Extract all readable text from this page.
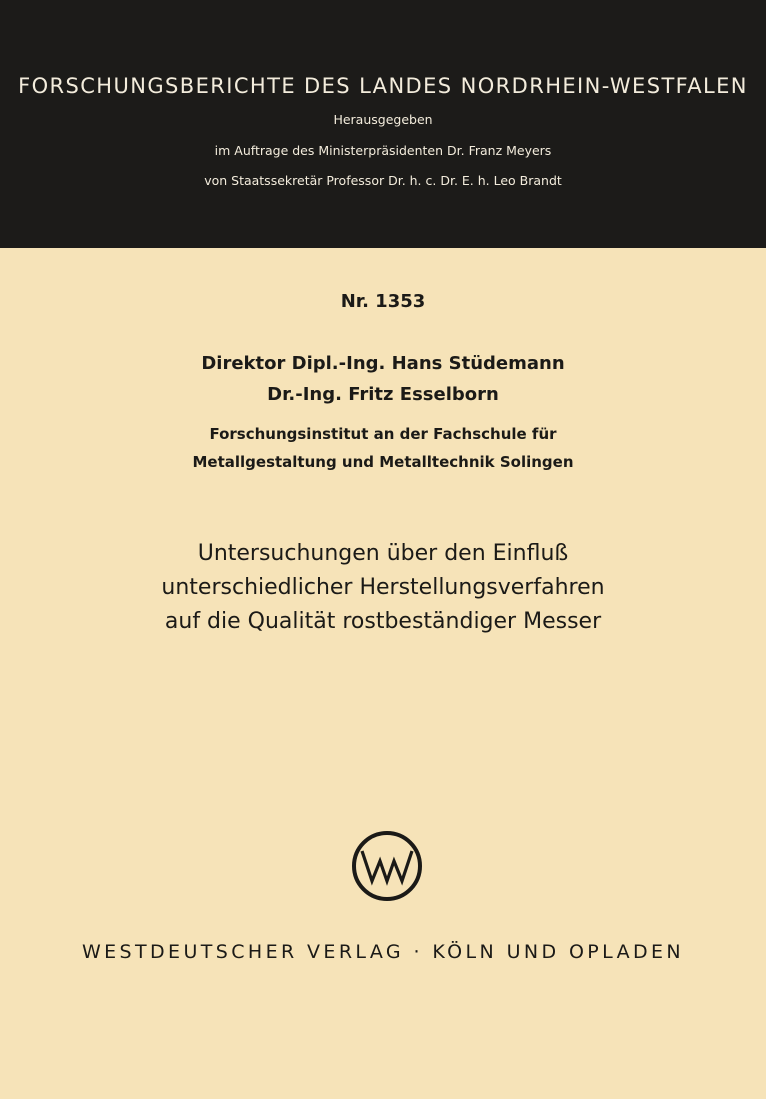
FORSCHUNGSBERICHTE DES LANDES NORDRHEIN-WESTFALEN
Herausgegeben
im Auftrage des Ministerpräsidenten Dr. Franz Meyers
von Staatssekretär Professor Dr. h. c. Dr. E. h. Leo Brandt
Nr. 1353
Direktor Dipl.-Ing. Hans Stüdemann
Dr.-Ing. Fritz Esselborn
Forschungsinstitut an der Fachschule für
Metallgestaltung und Metalltechnik Solingen
Untersuchungen über den Einfluß
unterschiedlicher Herstellungsverfahren
auf die Qualität rostbeständiger Messer
WESTDEUTSCHER VERLAG · KÖLN UND OPLADEN
